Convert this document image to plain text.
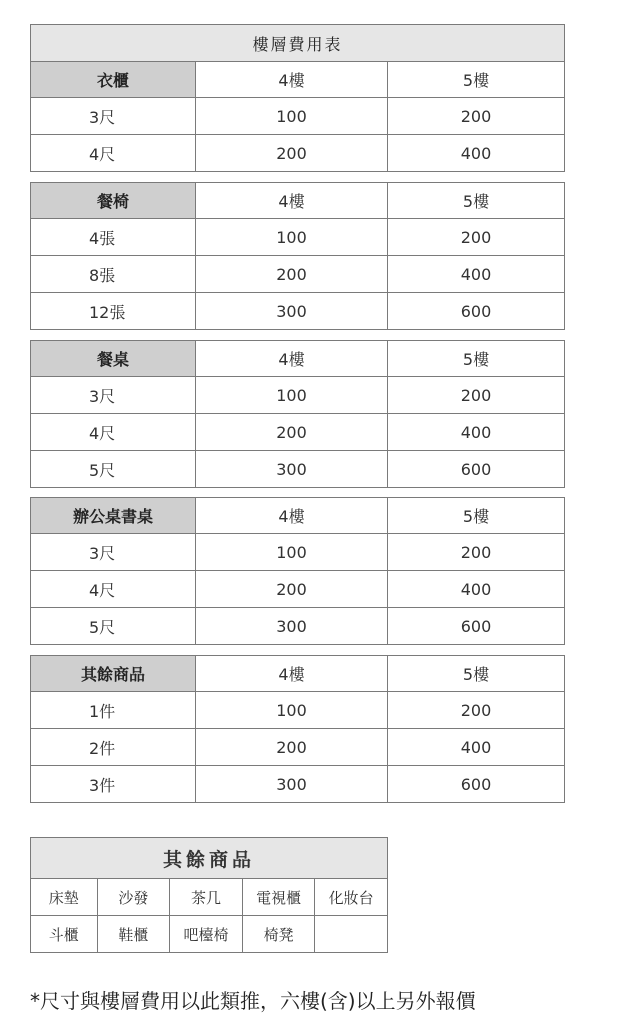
樓層費用表
衣櫃	4樓	5樓
3尺	100	200
4尺	200	400
餐椅	4樓	5樓
4張	100	200
8張	200	400
12張	300	600
餐桌	4樓	5樓
3尺	100	200
4尺	200	400
5尺	300	600
辦公桌書桌	4樓	5樓
3尺	100	200
4尺	200	400
5尺	300	600
其餘商品	4樓	5樓
1件	100	200
2件	200	400
3件	300	600
其餘商品				
床墊	沙發	茶几	電視櫃	化妝台
斗櫃	鞋櫃	吧檯椅	椅凳	
*尺寸與樓層費用以此類推，六樓(含)以上另外報價
